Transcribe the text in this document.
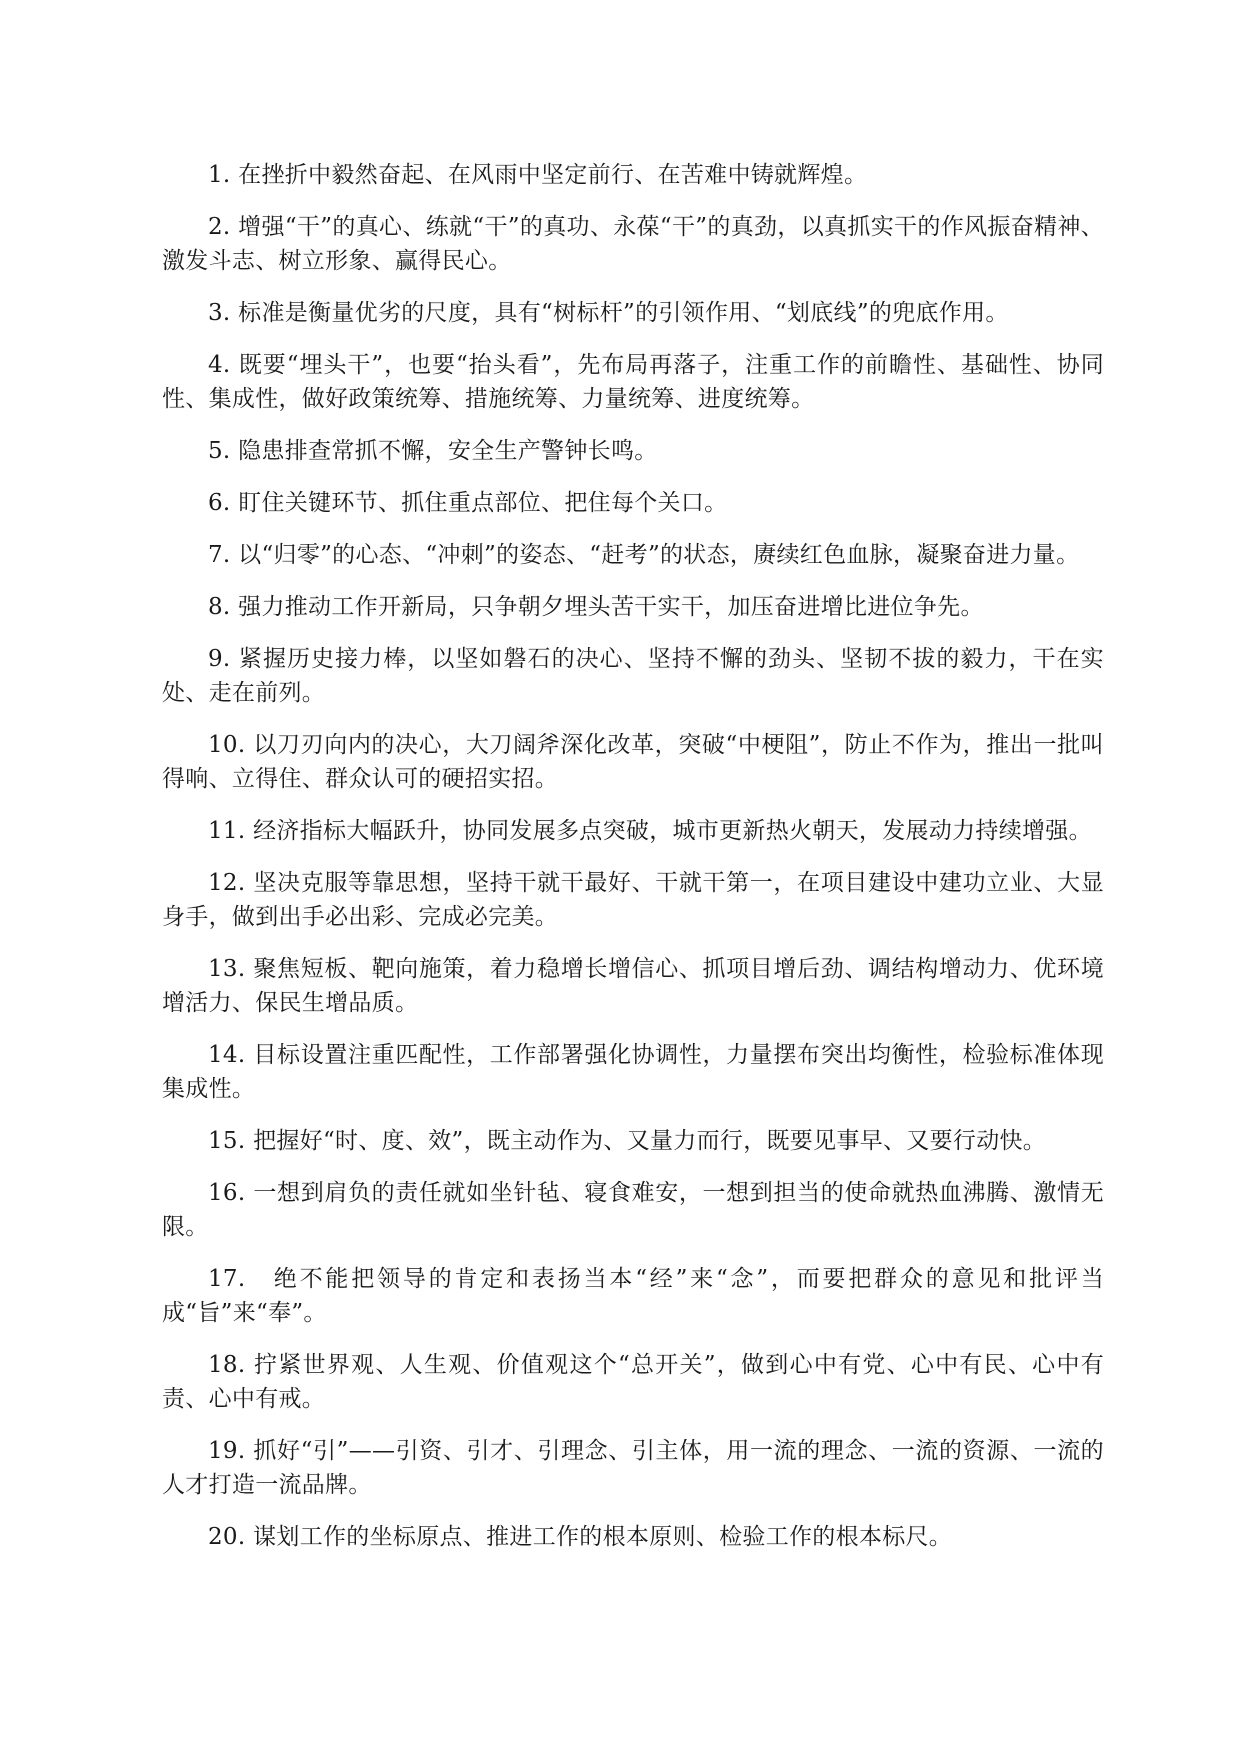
1. 在挫折中毅然奋起、在风雨中坚定前行、在苦难中铸就辉煌。

2. 增强“干”的真心、练就“干”的真功、永葆“干”的真劲，以真抓实干的作风振奋精神、激发斗志、树立形象、赢得民心。

3. 标准是衡量优劣的尺度，具有“树标杆”的引领作用、“划底线”的兜底作用。

4. 既要“埋头干”，也要“抬头看”，先布局再落子，注重工作的前瞻性、基础性、协同性、集成性，做好政策统筹、措施统筹、力量统筹、进度统筹。

5. 隐患排查常抓不懈，安全生产警钟长鸣。

6. 盯住关键环节、抓住重点部位、把住每个关口。

7. 以“归零”的心态、“冲刺”的姿态、“赶考”的状态，赓续红色血脉，凝聚奋进力量。

8. 强力推动工作开新局，只争朝夕埋头苦干实干，加压奋进增比进位争先。

9. 紧握历史接力棒，以坚如磐石的决心、坚持不懈的劲头、坚韧不拔的毅力，干在实处、走在前列。

10. 以刀刃向内的决心，大刀阔斧深化改革，突破“中梗阻”，防止不作为，推出一批叫得响、立得住、群众认可的硬招实招。

11. 经济指标大幅跃升，协同发展多点突破，城市更新热火朝天，发展动力持续增强。

12. 坚决克服等靠思想，坚持干就干最好、干就干第一，在项目建设中建功立业、大显身手，做到出手必出彩、完成必完美。

13. 聚焦短板、靶向施策，着力稳增长增信心、抓项目增后劲、调结构增动力、优环境增活力、保民生增品质。

14. 目标设置注重匹配性，工作部署强化协调性，力量摆布突出均衡性，检验标准体现集成性。

15. 把握好“时、度、效”，既主动作为、又量力而行，既要见事早、又要行动快。

16. 一想到肩负的责任就如坐针毡、寝食难安，一想到担当的使命就热血沸腾、激情无限。

17.　绝不能把领导的肯定和表扬当本“经”来“念”，而要把群众的意见和批评当成“旨”来“奉”。

18. 拧紧世界观、人生观、价值观这个“总开关”，做到心中有党、心中有民、心中有责、心中有戒。

19. 抓好“引”——引资、引才、引理念、引主体，用一流的理念、一流的资源、一流的人才打造一流品牌。

20. 谋划工作的坐标原点、推进工作的根本原则、检验工作的根本标尺。
